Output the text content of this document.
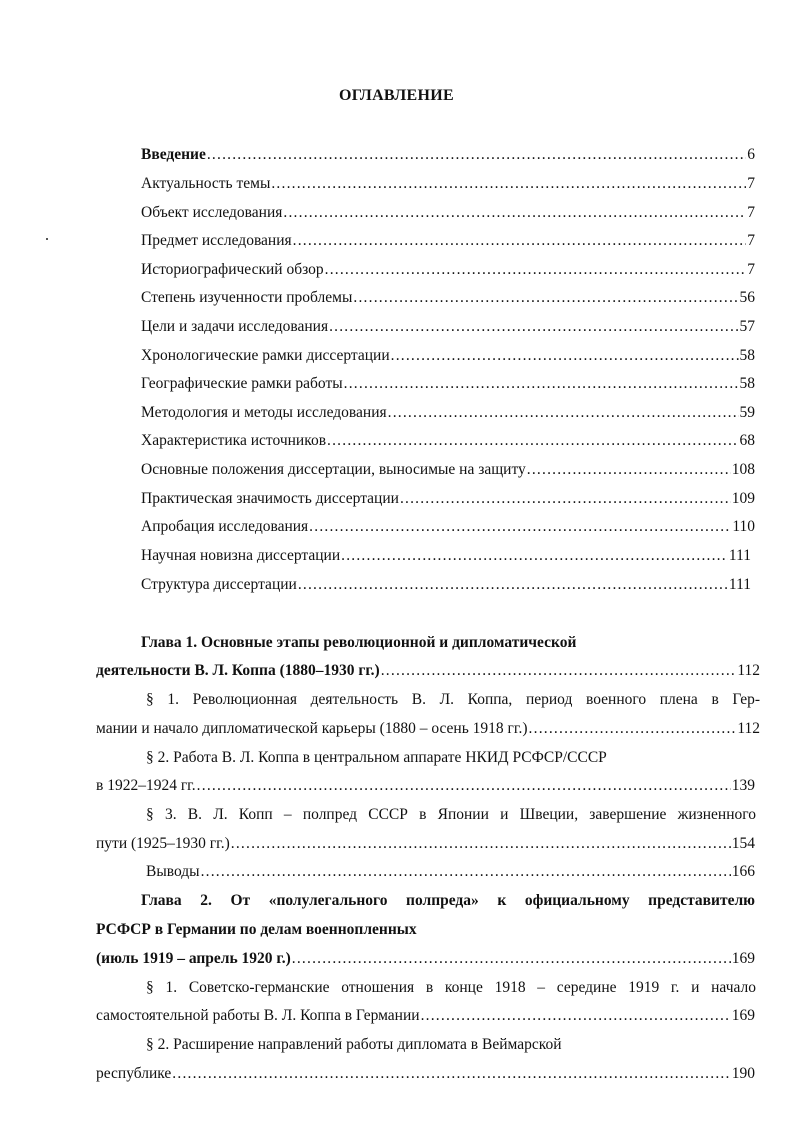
ОГЛАВЛЕНИЕ
Введение .....	6
Актуальность темы .....	7
Объект исследования .....	7
Предмет исследования .....	7
Историографический обзор .....	7
Степень изученности проблемы .....	56
Цели и задачи исследования .....	57
Хронологические рамки диссертации .....	58
Географические рамки работы .....	58
Методология и методы исследования .....	59
Характеристика источников .....	68
Основные положения диссертации, выносимые на защиту .....	108
Практическая значимость диссертации .....	109
Апробация исследования .....	110
Научная новизна диссертации .....	111
Структура диссертации .....	111
Глава 1. Основные этапы революционной и дипломатической
деятельности В. Л. Коппа (1880–1930 гг.) .....	112
§ 1. Революционная деятельность В. Л. Коппа, период военного плена в Гер-
мании и начало дипломатической карьеры (1880 – осень 1918 гг.) .....	112
§ 2. Работа В. Л. Коппа в центральном аппарате НКИД РСФСР/СССР
в 1922–1924 гг. .....	139
§ 3. В. Л. Копп – полпред СССР в Японии и Швеции, завершение жизненного
пути (1925–1930 гг.) .....	154
Выводы .....	166
Глава 2. От «полулегального полпреда» к официальному представителю
РСФСР в Германии по делам военнопленных
(июль 1919 – апрель 1920 г.) .....	169
§ 1. Советско-германские отношения в конце 1918 – середине 1919 г. и начало
самостоятельной работы В. Л. Коппа в Германии .....	169
§ 2. Расширение направлений работы дипломата в Веймарской
республике .....	190
